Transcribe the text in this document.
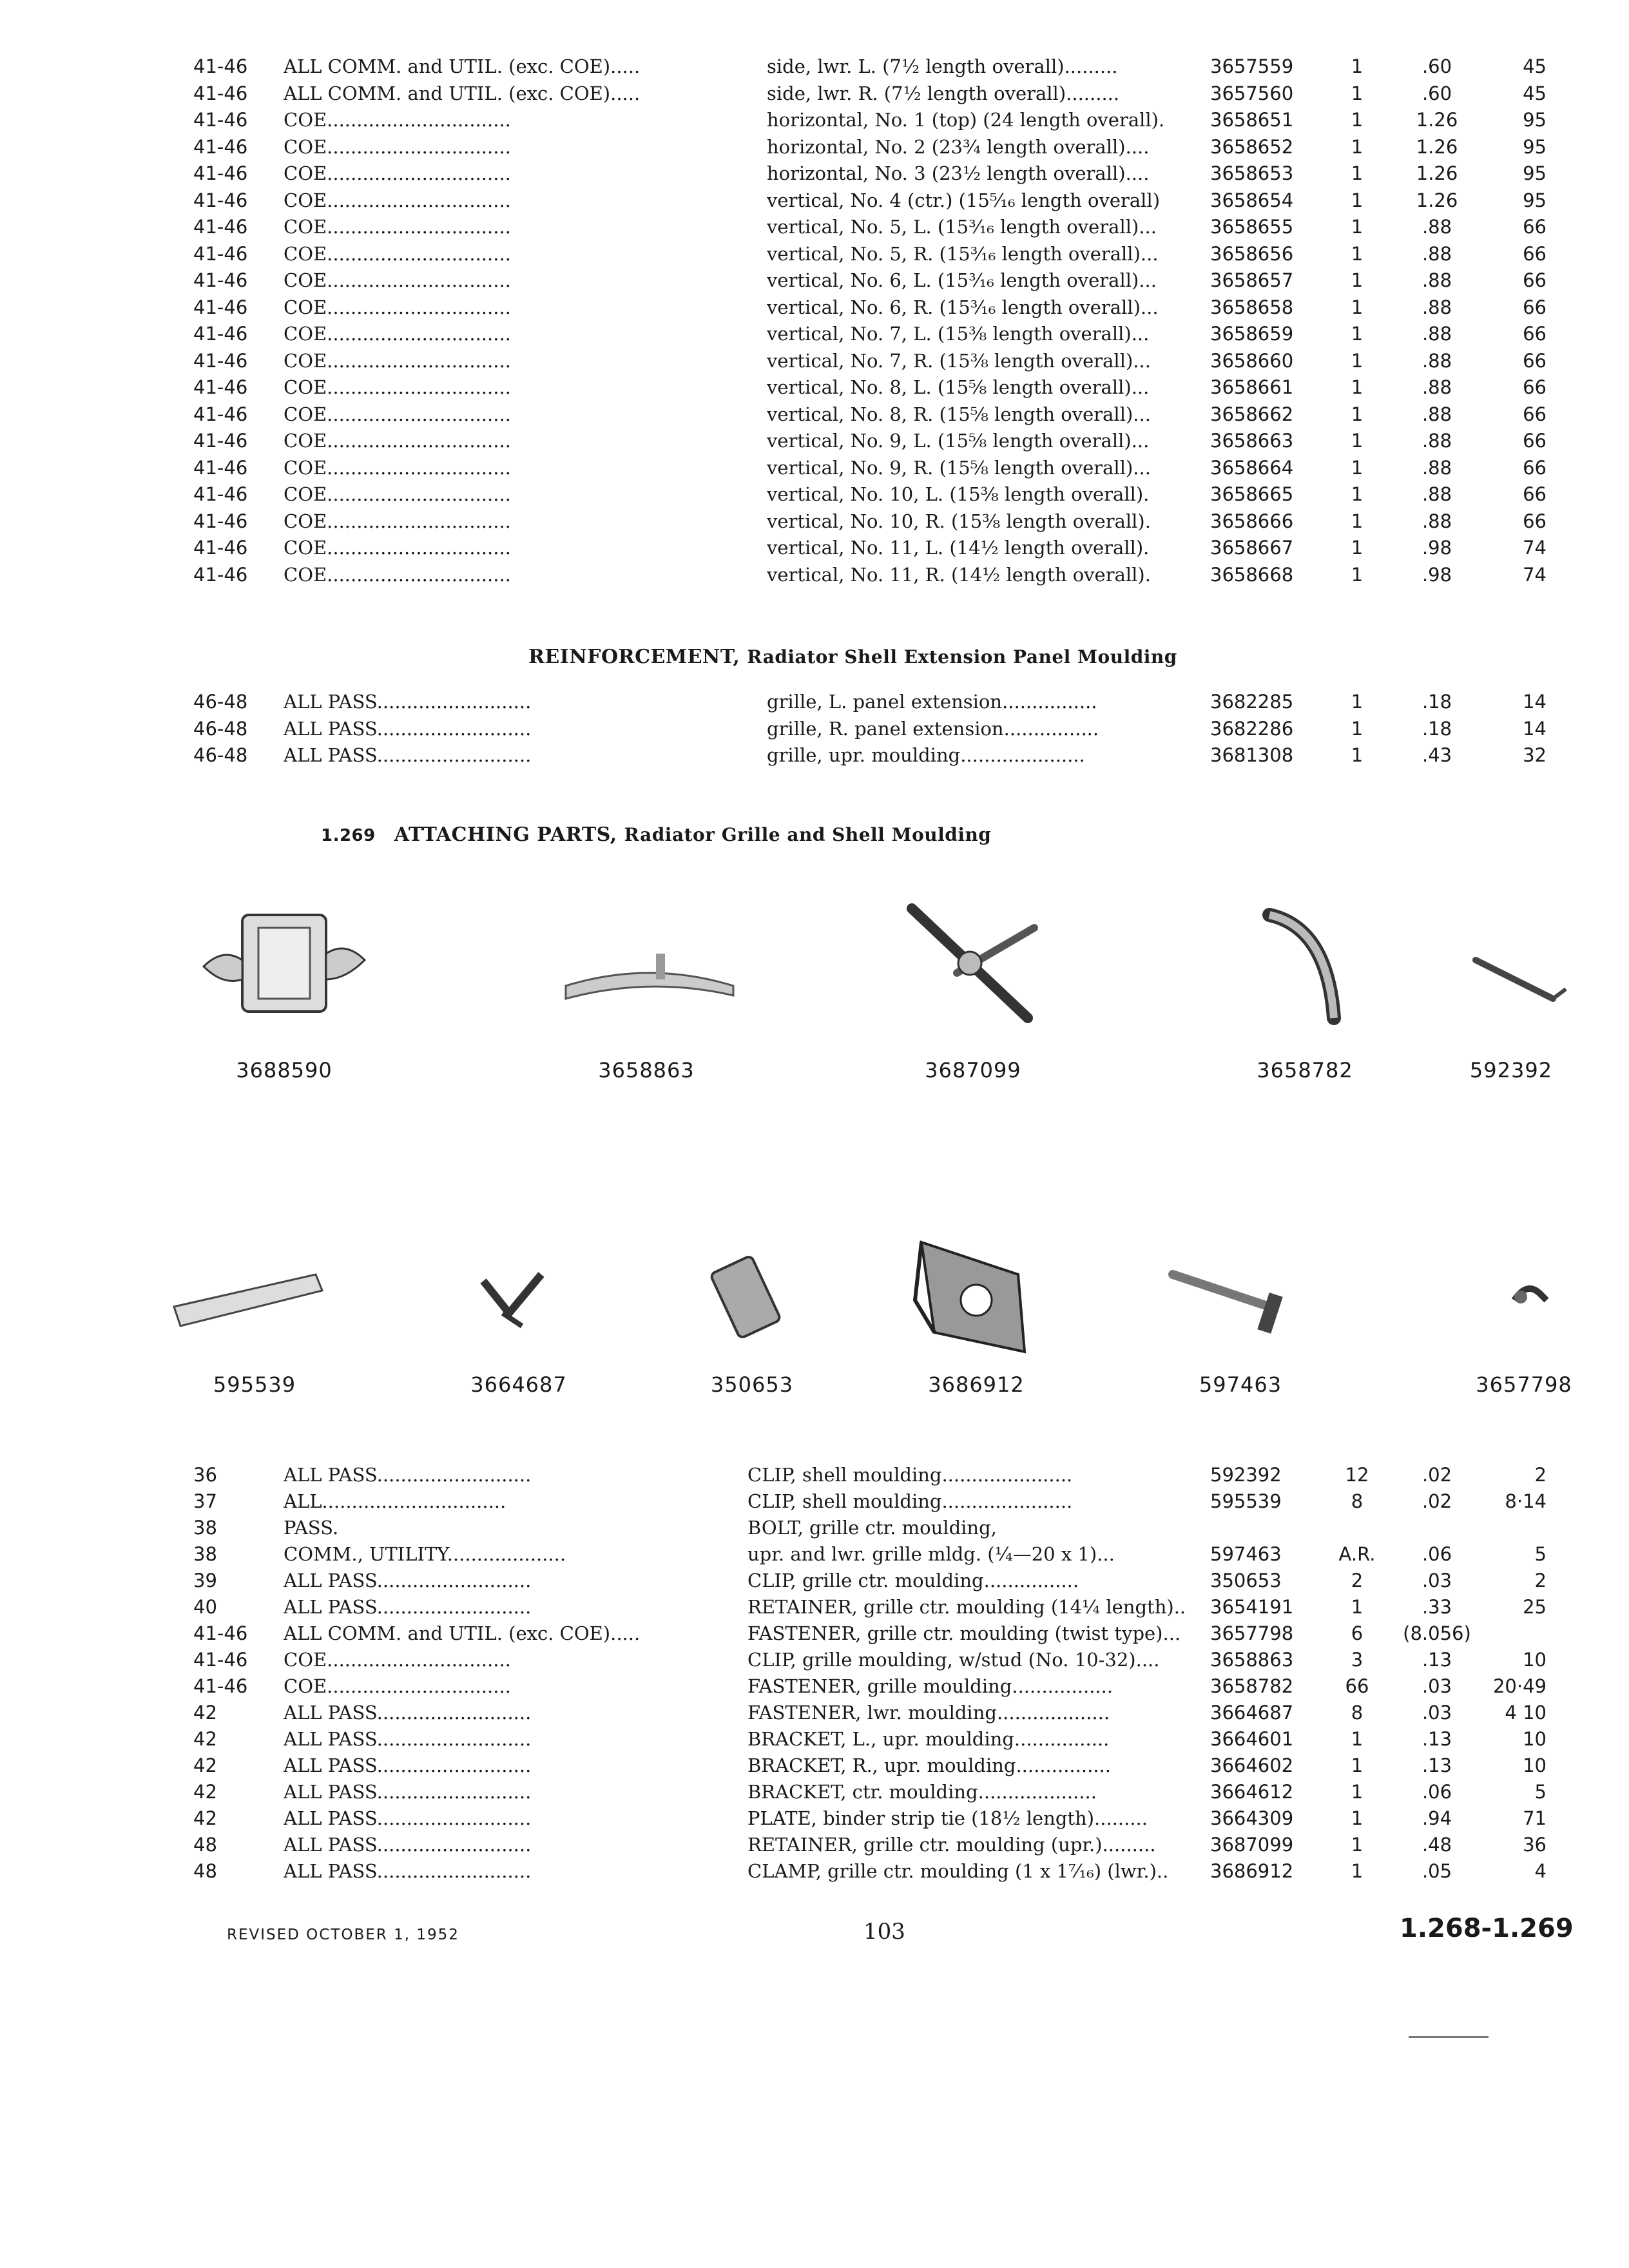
41-46	ALL COMM. and UTIL. (exc. COE).....	side, lwr. L. (7½ length overall).........	3657559	1	.60	45
41-46	ALL COMM. and UTIL. (exc. COE).....	side, lwr. R. (7½ length overall).........	3657560	1	.60	45
41-46	COE...............................	horizontal, No. 1 (top) (24 length overall).	3658651	1	1.26	95
41-46	COE...............................	horizontal, No. 2 (23¾ length overall)....	3658652	1	1.26	95
41-46	COE...............................	horizontal, No. 3 (23½ length overall)....	3658653	1	1.26	95
41-46	COE...............................	vertical, No. 4 (ctr.) (15⁵⁄₁₆ length overall)	3658654	1	1.26	95
41-46	COE...............................	vertical, No. 5, L. (15³⁄₁₆ length overall)...	3658655	1	.88	66
41-46	COE...............................	vertical, No. 5, R. (15³⁄₁₆ length overall)...	3658656	1	.88	66
41-46	COE...............................	vertical, No. 6, L. (15³⁄₁₆ length overall)...	3658657	1	.88	66
41-46	COE...............................	vertical, No. 6, R. (15³⁄₁₆ length overall)...	3658658	1	.88	66
41-46	COE...............................	vertical, No. 7, L. (15⅜ length overall)...	3658659	1	.88	66
41-46	COE...............................	vertical, No. 7, R. (15⅜ length overall)...	3658660	1	.88	66
41-46	COE...............................	vertical, No. 8, L. (15⅝ length overall)...	3658661	1	.88	66
41-46	COE...............................	vertical, No. 8, R. (15⅝ length overall)...	3658662	1	.88	66
41-46	COE...............................	vertical, No. 9, L. (15⅝ length overall)...	3658663	1	.88	66
41-46	COE...............................	vertical, No. 9, R. (15⅝ length overall)...	3658664	1	.88	66
41-46	COE...............................	vertical, No. 10, L. (15⅜ length overall).	3658665	1	.88	66
41-46	COE...............................	vertical, No. 10, R. (15⅜ length overall).	3658666	1	.88	66
41-46	COE...............................	vertical, No. 11, L. (14½ length overall).	3658667	1	.98	74
41-46	COE...............................	vertical, No. 11, R. (14½ length overall).	3658668	1	.98	74
REINFORCEMENT, Radiator Shell Extension Panel Moulding
46-48	ALL PASS..........................	grille, L. panel extension................	3682285	1	.18	14
46-48	ALL PASS..........................	grille, R. panel extension................	3682286	1	.18	14
46-48	ALL PASS..........................	grille, upr. moulding.....................	3681308	1	.43	32
1.269 ATTACHING PARTS, Radiator Grille and Shell Moulding
3688590	3658863	3687099	3658782	592392
595539	3664687	350653	3686912	597463	3657798
36	ALL PASS..........................	CLIP, shell moulding......................	592392	12	.02	2
37	ALL...............................	CLIP, shell moulding......................	595539	8	.02	8·14
38	PASS.	BOLT, grille ctr. moulding,
38	COMM., UTILITY....................	upr. and lwr. grille mldg. (¼—20 x 1)...	597463	A.R.	.06	5
39	ALL PASS..........................	CLIP, grille ctr. moulding................	350653	2	.03	2
40	ALL PASS..........................	RETAINER, grille ctr. moulding (14¼ length)..	3654191	1	.33	25
41-46	ALL COMM. and UTIL. (exc. COE).....	FASTENER, grille ctr. moulding (twist type)...	3657798	6	(8.056)
41-46	COE...............................	CLIP, grille moulding, w/stud (No. 10-32)....	3658863	3	.13	10
41-46	COE...............................	FASTENER, grille moulding.................	3658782	66	.03	20·49
42	ALL PASS..........................	FASTENER, lwr. moulding...................	3664687	8	.03	4 10
42	ALL PASS..........................	BRACKET, L., upr. moulding................	3664601	1	.13	10
42	ALL PASS..........................	BRACKET, R., upr. moulding................	3664602	1	.13	10
42	ALL PASS..........................	BRACKET, ctr. moulding....................	3664612	1	.06	5
42	ALL PASS..........................	PLATE, binder strip tie (18½ length).........	3664309	1	.94	71
48	ALL PASS..........................	RETAINER, grille ctr. moulding (upr.).........	3687099	1	.48	36
48	ALL PASS..........................	CLAMP, grille ctr. moulding (1 x 1⁷⁄₁₆) (lwr.)..	3686912	1	.05	4
REVISED OCTOBER 1, 1952	103	1.268-1.269
